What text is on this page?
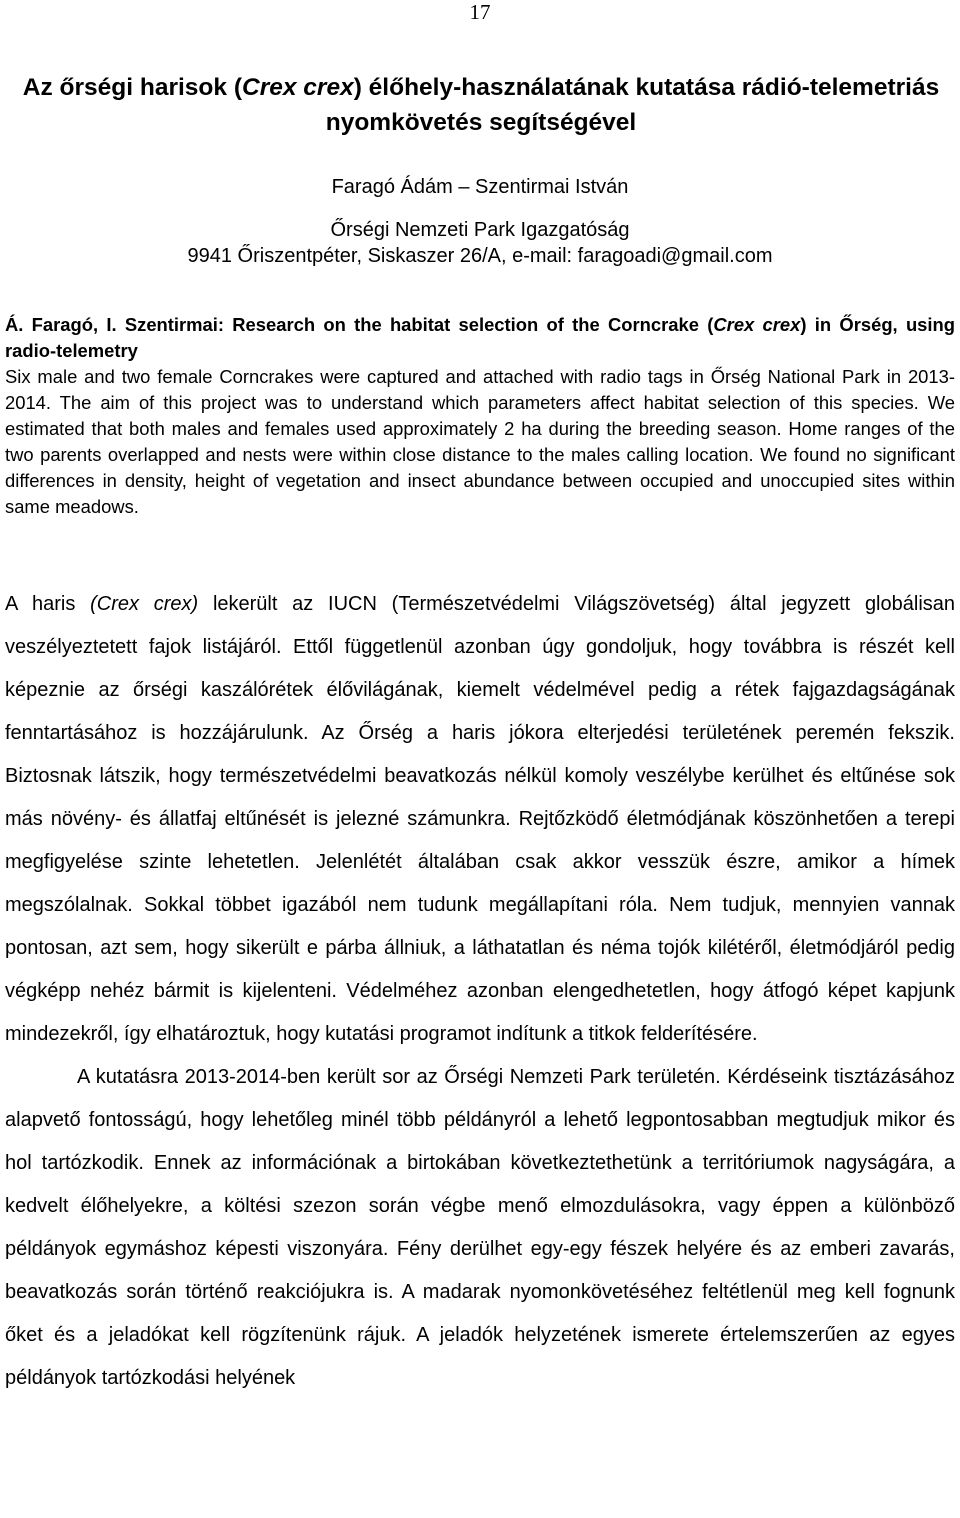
17
Az őrségi harisok (Crex crex) élőhely-használatának kutatása rádió-telemetriás nyomkövetés segítségével
Faragó Ádám – Szentirmai István
Őrségi Nemzeti Park Igazgatóság
9941 Őriszentpéter, Siskaszer 26/A, e-mail: faragoadi@gmail.com
Á. Faragó, I. Szentirmai: Research on the habitat selection of the Corncrake (Crex crex) in Őrség, using radio-telemetry
Six male and two female Corncrakes were captured and attached with radio tags in Őrség National Park in 2013-2014. The aim of this project was to understand which parameters affect habitat selection of this species. We estimated that both males and females used approximately 2 ha during the breeding season. Home ranges of the two parents overlapped and nests were within close distance to the males calling location. We found no significant differences in density, height of vegetation and insect abundance between occupied and unoccupied sites within same meadows.

A haris (Crex crex) lekerült az IUCN (Természetvédelmi Világszövetség) által jegyzett globálisan veszélyeztetett fajok listájáról. Ettől függetlenül azonban úgy gondoljuk, hogy továbbra is részét kell képeznie az őrségi kaszálórétek élővilágának, kiemelt védelmével pedig a rétek fajgazdagságának fenntartásához is hozzájárulunk. Az Őrség a haris jókora elterjedési területének peremén fekszik. Biztosnak látszik, hogy természetvédelmi beavatkozás nélkül komoly veszélybe kerülhet és eltűnése sok más növény- és állatfaj eltűnését is jelezné számunkra. Rejtőzködő életmódjának köszönhetően a terepi megfigyelése szinte lehetetlen. Jelenlétét általában csak akkor vesszük észre, amikor a hímek megszólalnak. Sokkal többet igazából nem tudunk megállapítani róla. Nem tudjuk, mennyien vannak pontosan, azt sem, hogy sikerült e párba állniuk, a láthatatlan és néma tojók kilétéről, életmódjáról pedig végképp nehéz bármit is kijelenteni. Védelméhez azonban elengedhetetlen, hogy átfogó képet kapjunk mindezekről, így elhatároztuk, hogy kutatási programot indítunk a titkok felderítésére.

A kutatásra 2013-2014-ben került sor az Őrségi Nemzeti Park területén. Kérdéseink tisztázásához alapvető fontosságú, hogy lehetőleg minél több példányról a lehető legpontosabban megtudjuk mikor és hol tartózkodik. Ennek az információnak a birtokában következtethetünk a territóriumok nagyságára, a kedvelt élőhelyekre, a költési szezon során végbe menő elmozdulásokra, vagy éppen a különböző példányok egymáshoz képesti viszonyára. Fény derülhet egy-egy fészek helyére és az emberi zavarás, beavatkozás során történő reakciójukra is. A madarak nyomonkövetéséhez feltétlenül meg kell fognunk őket és a jeladókat kell rögzítenünk rájuk. A jeladók helyzetének ismerete értelemszerűen az egyes példányok tartózkodási helyének
